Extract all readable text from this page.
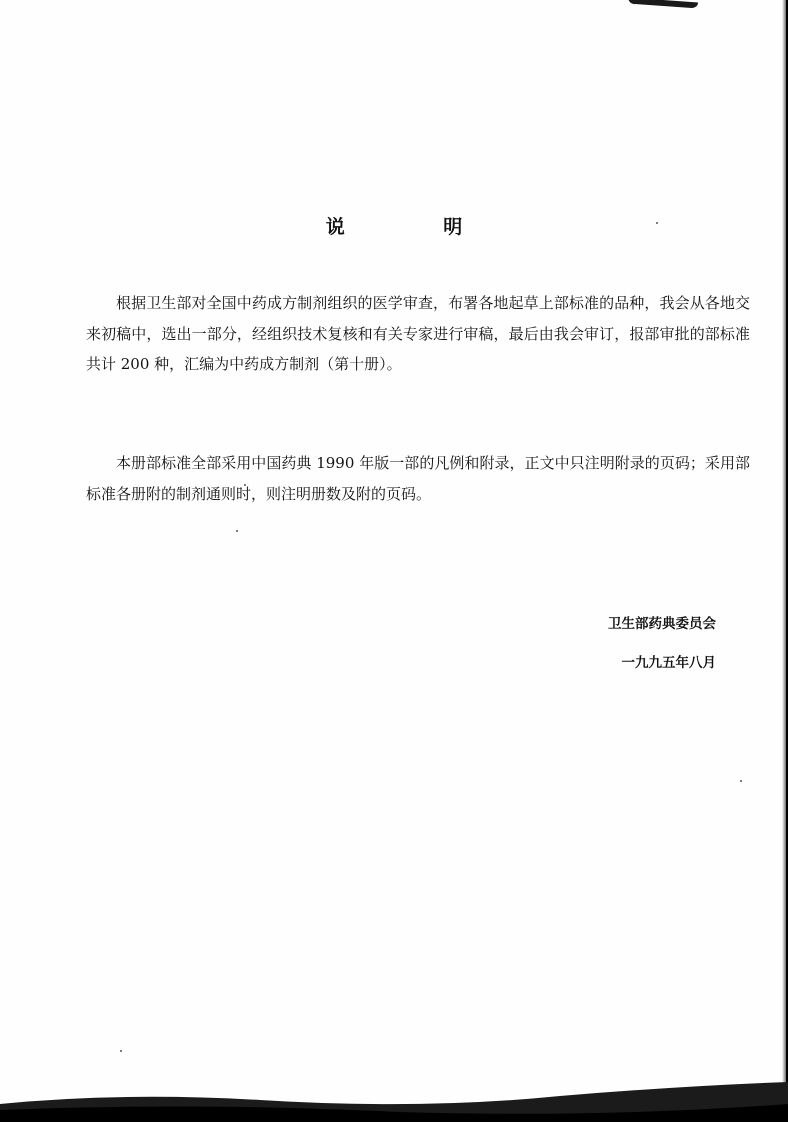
说 明

根据卫生部对全国中药成方制剂组织的医学审查，布署各地起草上部标准的品种，我会从各地交来初稿中，选出一部分，经组织技术复核和有关专家进行审稿，最后由我会审订，报部审批的部标准共计 200 种，汇编为中药成方制剂（第十册）。

本册部标准全部采用中国药典 1990 年版一部的凡例和附录，正文中只注明附录的页码；采用部标准各册附的制剂通则时，则注明册数及附的页码。

卫生部药典委员会
一九九五年八月
